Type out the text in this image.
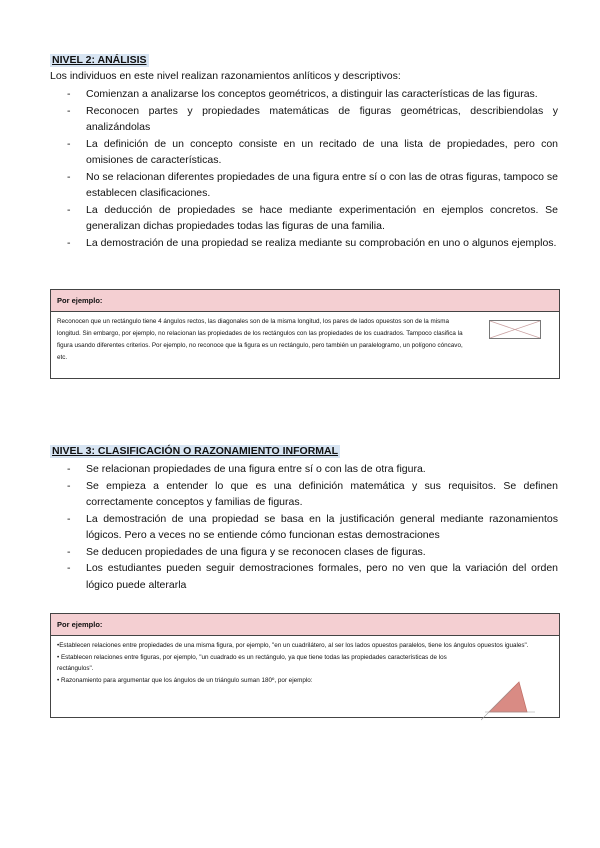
NIVEL 2: ANÁLISIS
Los individuos en este nivel realizan razonamientos anlíticos y descriptivos:
- Comienzan a analizarse los conceptos geométricos, a distinguir las características de las figuras.
- Reconocen partes y propiedades matemáticas de figuras geométricas, describiendolas y analizándolas
- La definición de un concepto consiste en un recitado de una lista de propiedades, pero con omisiones de características.
- No se relacionan diferentes propiedades de una figura entre sí o con las de otras figuras, tampoco se establecen clasificaciones.
- La deducción de propiedades se hace mediante experimentación en ejemplos concretos. Se generalizan dichas propiedades todas las figuras de una familia.
- La demostración de una propiedad se realiza mediante su comprobación en uno o algunos ejemplos.
Por ejemplo:
Reconocen que un rectángulo tiene 4 ángulos rectos, las diagonales son de la misma longitud, los pares de lados opuestos son de la misma longitud. Sin embargo, por ejemplo, no relacionan las propiedades de los rectángulos con las propiedades de los cuadrados. Tampoco clasifica la figura usando diferentes criterios. Por ejemplo, no reconoce que la figura es un rectángulo, pero también un paralelogramo, un polígono cóncavo, etc.
NIVEL 3: CLASIFICACIÓN O RAZONAMIENTO INFORMAL
- Se relacionan propiedades de una figura entre sí o con las de otra figura.
- Se empieza a entender lo que es una definición matemática y sus requisitos. Se definen correctamente conceptos y familias de figuras.
- La demostración de una propiedad se basa en la justificación general mediante razonamientos lógicos. Pero a veces no se entiende cómo funcionan estas demostraciones
- Se deducen propiedades de una figura y se reconocen clases de figuras.
- Los estudiantes pueden seguir demostraciones formales, pero no ven que la variación del orden lógico puede alterarla
Por ejemplo:
•Establecen relaciones entre propiedades de una misma figura, por ejemplo, "en un cuadrilátero, al ser los lados opuestos paralelos, tiene los ángulos opuestos iguales".
• Establecen relaciones entre figuras, por ejemplo, "un cuadrado es un rectángulo, ya que tiene todas las propiedades características de los rectángulos".
• Razonamiento para argumentar que los ángulos de un triángulo suman 180º, por ejemplo:
